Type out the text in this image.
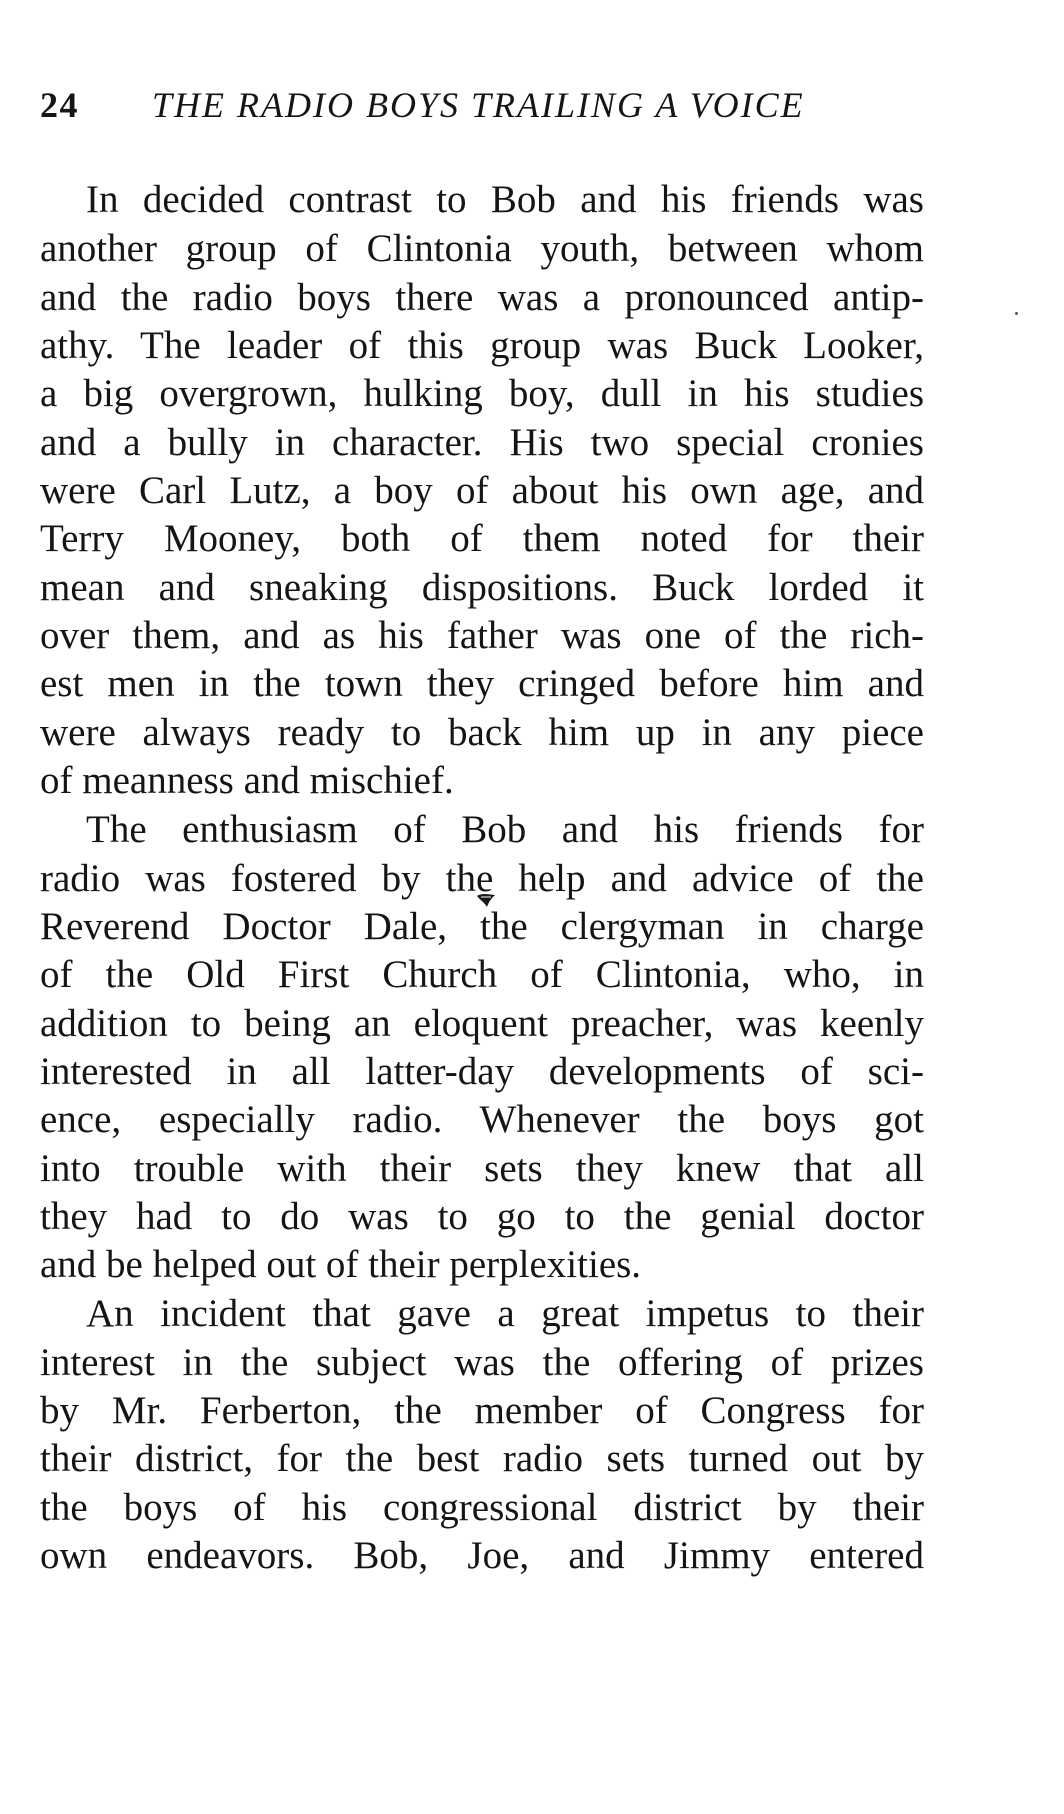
24 THE RADIO BOYS TRAILING A VOICE
In decided contrast to Bob and his friends was
another group of Clintonia youth, between whom
and the radio boys there was a pronounced antip-
athy. The leader of this group was Buck Looker,
a big overgrown, hulking boy, dull in his studies
and a bully in character. His two special cronies
were Carl Lutz, a boy of about his own age, and
Terry Mooney, both of them noted for their
mean and sneaking dispositions. Buck lorded it
over them, and as his father was one of the rich-
est men in the town they cringed before him and
were always ready to back him up in any piece
of meanness and mischief.
The enthusiasm of Bob and his friends for
radio was fostered by the help and advice of the
Reverend Doctor Dale, the clergyman in charge
of the Old First Church of Clintonia, who, in
addition to being an eloquent preacher, was keenly
interested in all latter-day developments of sci-
ence, especially radio. Whenever the boys got
into trouble with their sets they knew that all
they had to do was to go to the genial doctor
and be helped out of their perplexities.
An incident that gave a great impetus to their
interest in the subject was the offering of prizes
by Mr. Ferberton, the member of Congress for
their district, for the best radio sets turned out by
the boys of his congressional district by their
own endeavors. Bob, Joe, and Jimmy entered
